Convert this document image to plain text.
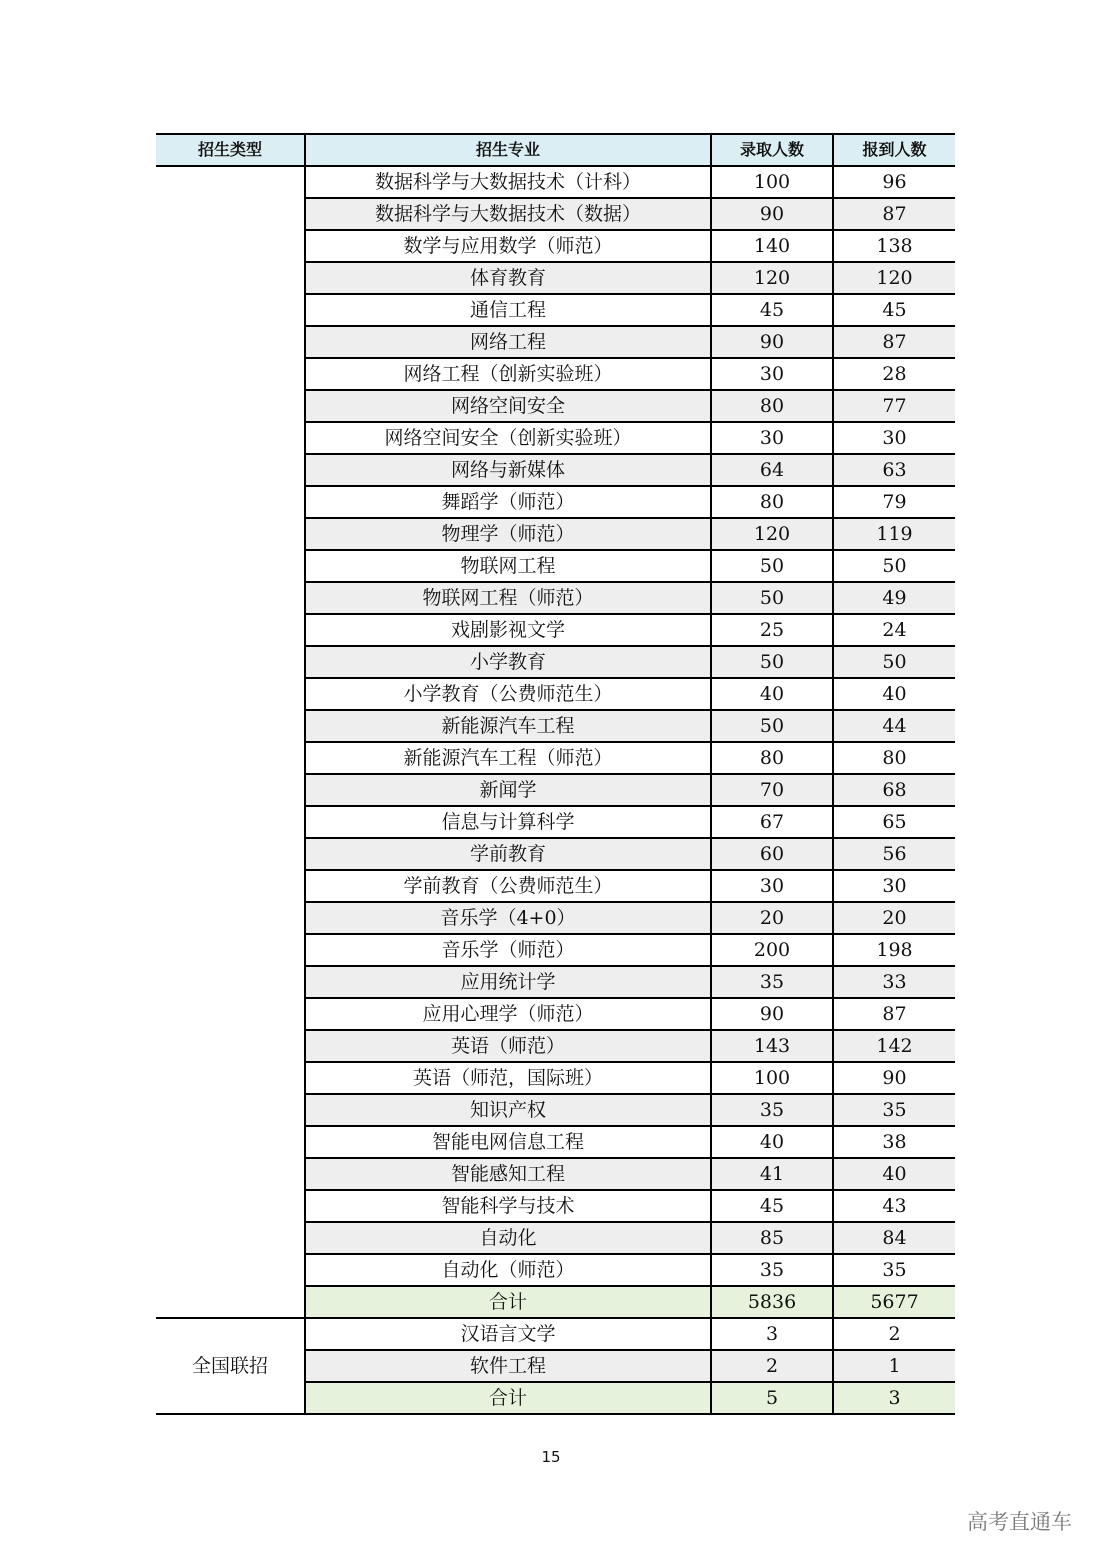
招生类型	招生专业	录取人数	报到人数
	数据科学与大数据技术（计科）	100	96
	数据科学与大数据技术（数据）	90	87
	数学与应用数学（师范）	140	138
	体育教育	120	120
	通信工程	45	45
	网络工程	90	87
	网络工程（创新实验班）	30	28
	网络空间安全	80	77
	网络空间安全（创新实验班）	30	30
	网络与新媒体	64	63
	舞蹈学（师范）	80	79
	物理学（师范）	120	119
	物联网工程	50	50
	物联网工程（师范）	50	49
	戏剧影视文学	25	24
	小学教育	50	50
	小学教育（公费师范生）	40	40
	新能源汽车工程	50	44
	新能源汽车工程（师范）	80	80
	新闻学	70	68
	信息与计算科学	67	65
	学前教育	60	56
	学前教育（公费师范生）	30	30
	音乐学（4+0）	20	20
	音乐学（师范）	200	198
	应用统计学	35	33
	应用心理学（师范）	90	87
	英语（师范）	143	142
	英语（师范，国际班）	100	90
	知识产权	35	35
	智能电网信息工程	40	38
	智能感知工程	41	40
	智能科学与技术	45	43
	自动化	85	84
	自动化（师范）	35	35
	合计	5836	5677
全国联招	汉语言文学	3	2
	软件工程	2	1
	合计	5	3
15
高考直通车
